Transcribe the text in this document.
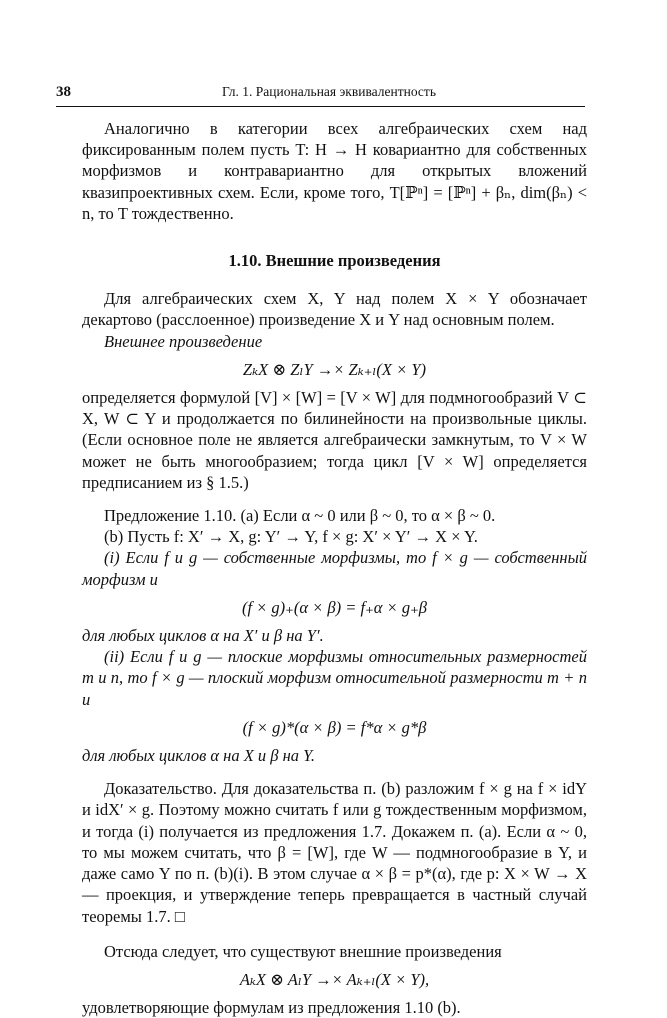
38	Гл. 1. Рациональная эквивалентность

Аналогично в категории всех алгебраических схем над фиксированным полем пусть T: H → H ковариантно для собственных морфизмов и контравариантно для открытых вложений квазипроективных схем. Если, кроме того, T[ℙⁿ] = [ℙⁿ] + βₙ, dim(βₙ) < n, то T тождественно.

1.10. Внешние произведения

Для алгебраических схем X, Y над полем X × Y обозначает декартово (расслоенное) произведение X и Y над основным полем.

Внешнее произведение

ZₖX ⊗ ZₗY →× Zₖ₊ₗ(X × Y)

определяется формулой [V] × [W] = [V × W] для подмногообразий V ⊂ X, W ⊂ Y и продолжается по билинейности на произвольные циклы. (Если основное поле не является алгебраически замкнутым, то V × W может не быть многообразием; тогда цикл [V × W] определяется предписанием из § 1.5.)

Предложение 1.10. (a) Если α ~ 0 или β ~ 0, то α × β ~ 0.

(b) Пусть f: X′ → X, g: Y′ → Y, f × g: X′ × Y′ → X × Y.

(i) Если f и g — собственные морфизмы, то f × g — собственный морфизм и

(f × g)₊(α × β) = f₊α × g₊β

для любых циклов α на X′ и β на Y′.

(ii) Если f и g — плоские морфизмы относительных размерностей m и n, то f × g — плоский морфизм относительной размерности m + n и

(f × g)*(α × β) = f*α × g*β

для любых циклов α на X и β на Y.

Доказательство. Для доказательства п. (b) разложим f × g на f × idY и idX′ × g. Поэтому можно считать f или g тождественным морфизмом, и тогда (i) получается из предложения 1.7. Докажем п. (a). Если α ~ 0, то мы можем считать, что β = [W], где W — подмногообразие в Y, и даже само Y по п. (b)(i). В этом случае α × β = p*(α), где p: X × W → X — проекция, и утверждение теперь превращается в частный случай теоремы 1.7. □

Отсюда следует, что существуют внешние произведения

AₖX ⊗ AₗY →× Aₖ₊ₗ(X × Y),

удовлетворяющие формулам из предложения 1.10 (b).
